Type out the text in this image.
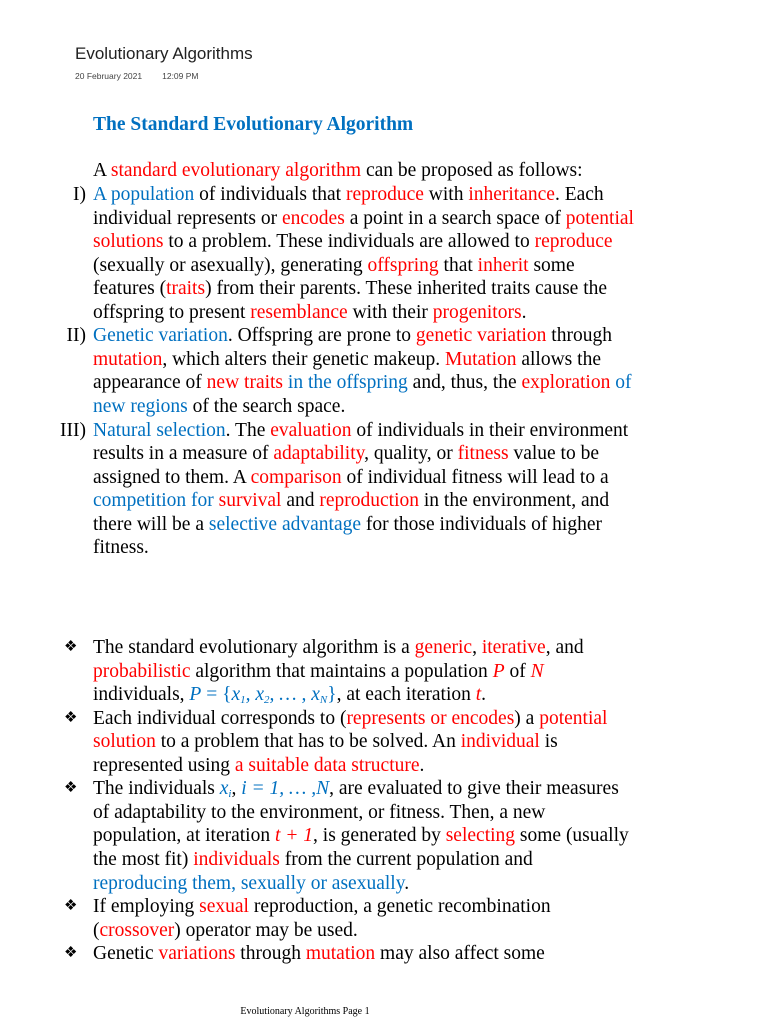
Evolutionary Algorithms
20 February 2021 12:09 PM
The Standard Evolutionary Algorithm
A standard evolutionary algorithm can be proposed as follows:
I) A population of individuals that reproduce with inheritance. Each
individual represents or encodes a point in a search space of potential
solutions to a problem. These individuals are allowed to reproduce
(sexually or asexually), generating offspring that inherit some
features (traits) from their parents. These inherited traits cause the
offspring to present resemblance with their progenitors.
II) Genetic variation. Offspring are prone to genetic variation through
mutation, which alters their genetic makeup. Mutation allows the
appearance of new traits in the offspring and, thus, the exploration of
new regions of the search space.
III) Natural selection. The evaluation of individuals in their environment
results in a measure of adaptability, quality, or fitness value to be
assigned to them. A comparison of individual fitness will lead to a
competition for survival and reproduction in the environment, and
there will be a selective advantage for those individuals of higher
fitness.
❖ The standard evolutionary algorithm is a generic, iterative, and
probabilistic algorithm that maintains a population P of N
individuals, $P = \{x_1$, $x_2$, … , $x_N$}, at each iteration t.
❖ Each individual corresponds to (represents or encodes) a potential
solution to a problem that has to be solved. An individual is
represented using a suitable data structure.
❖ The individuals $x_i$, i = 1, … ,N, are evaluated to give their measures
of adaptability to the environment, or fitness. Then, a new
population, at iteration t + 1, is generated by selecting some (usually
the most fit) individuals from the current population and
reproducing them, sexually or asexually.
❖ If employing sexual reproduction, a genetic recombination
(crossover) operator may be used.
❖ Genetic variations through mutation may also affect some
Evolutionary Algorithms Page 1
